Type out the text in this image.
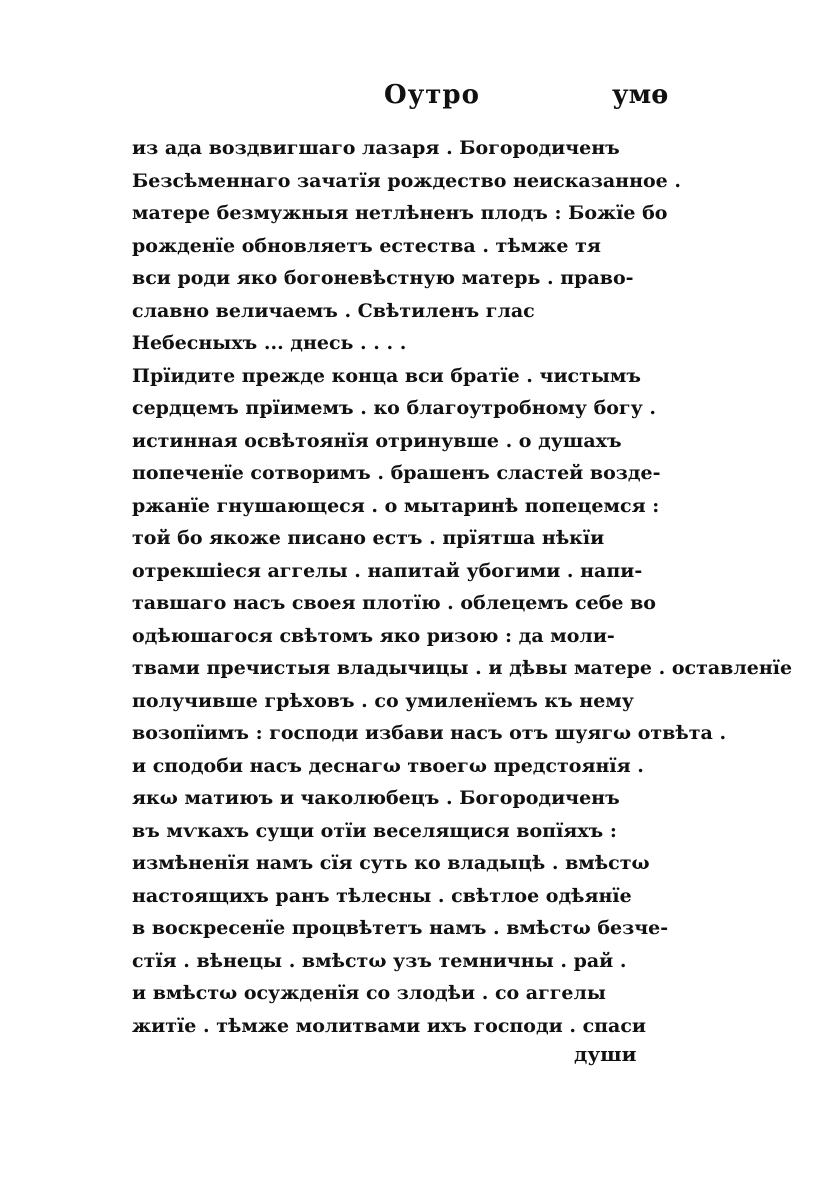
Оутро	умѳ
из ада воздвигшаго лазаря . Богородиченъ
Безсѣменнаго зачатїя рождество неисказанное .
матере безмужныя нетлѣненъ плодъ : Божїе бо
рожденїе обновляетъ естества . тѣмже тя
вси роди яко богоневѣстную матерь . право-
славно величаемъ . Свѣтиленъ глас
Небесныхъ ... днесь . . . .
Прїидите прежде конца вси братїе . чистымъ
сердцемъ прїимемъ . ко благоутробному богу .
истинная освѣтоянїя отринувше . о душахъ
попеченїе сотворимъ . брашенъ сластей возде-
ржанїе гнушающеся . о мытаринѣ попецемся :
той бо якоже писано естъ . прїятша нѣкїи
отрекшіеся аггелы . напитай убогими . напи-
тавшаго насъ своея плотїю . облецемъ себе во
одѣюшагося свѣтомъ яко ризою : да моли-
твами пречистыя владычицы . и дѣвы матере . оставленїе
получивше грѣховъ . со умиленїемъ къ нему
возопїимъ : господи избави насъ отъ шуягω отвѣта .
и сподоби насъ деснагω твоегω предстоянїя .
якω матиюъ и чаколюбецъ . Богородиченъ
въ мѵкахъ сущи отїи веселящися вопїяхъ :
измѣненїя намъ сїя суть ко владыцѣ . вмѣстω
настоящихъ ранъ тѣлесны . свѣтлое одѣянїе
в воскресенїе процвѣтетъ намъ . вмѣстω безче-
стїя . вѣнецы . вмѣстω узъ темничны . рай .
и вмѣстω осужденїя со злодѣи . со аггелы
житїе . тѣмже молитвами ихъ господи . спаси
души
